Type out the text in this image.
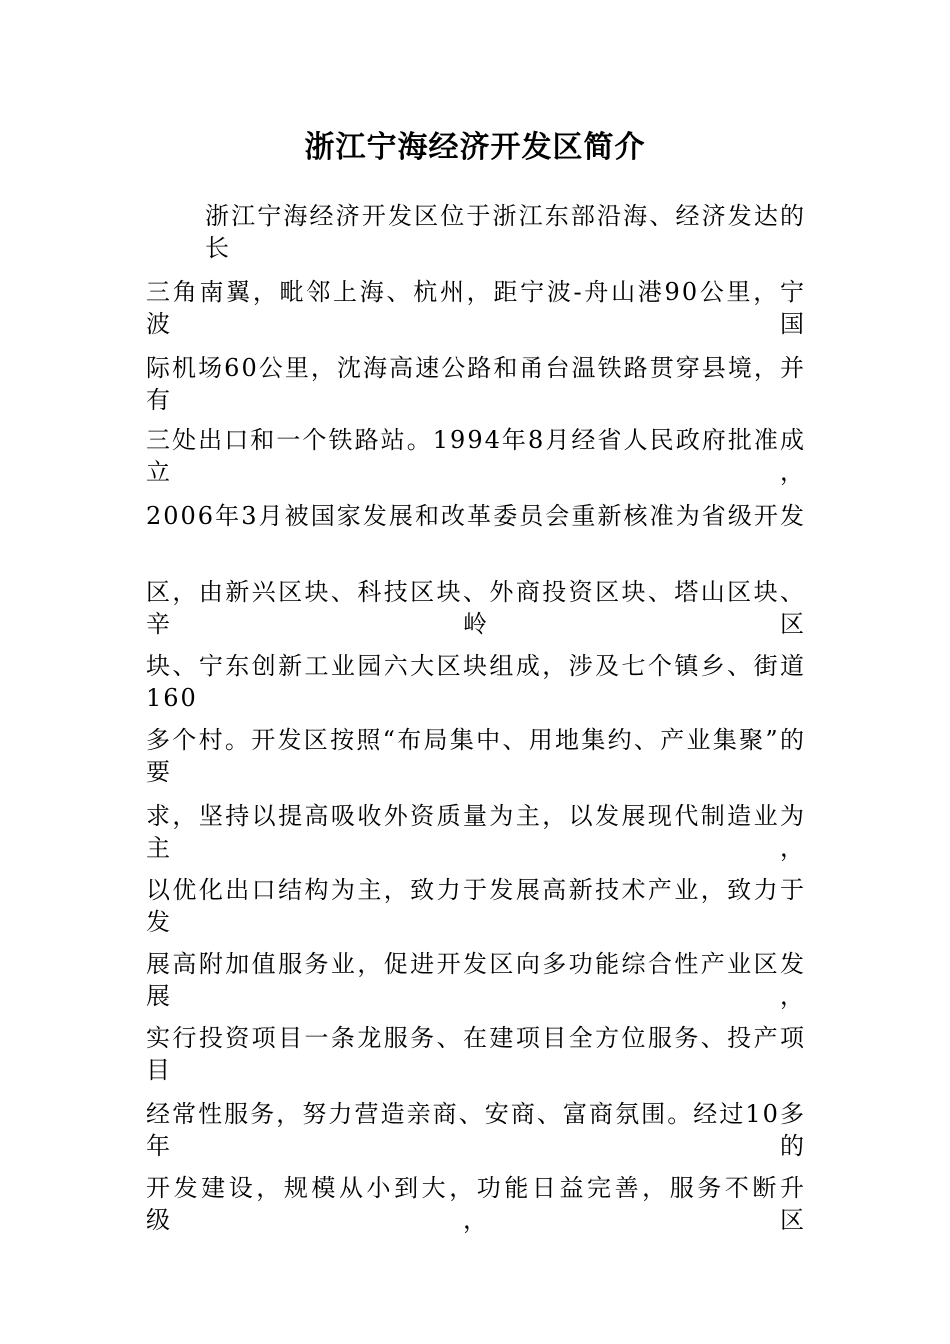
浙江宁海经济开发区简介

浙江宁海经济开发区位于浙江东部沿海、经济发达的长

三角南翼，毗邻上海、杭州，距宁波-舟山港90公里，宁波国

际机场60公里，沈海高速公路和甬台温铁路贯穿县境，并有

三处出口和一个铁路站。1994年8月经省人民政府批准成立，

2006年3月被国家发展和改革委员会重新核准为省级开发

区，由新兴区块、科技区块、外商投资区块、塔山区块、辛岭区

块、宁东创新工业园六大区块组成，涉及七个镇乡、街道160

多个村。开发区按照“布局集中、用地集约、产业集聚”的要

求，坚持以提高吸收外资质量为主，以发展现代制造业为主，

以优化出口结构为主，致力于发展高新技术产业，致力于发

展高附加值服务业，促进开发区向多功能综合性产业区发展，

实行投资项目一条龙服务、在建项目全方位服务、投产项目

经常性服务，努力营造亲商、安商、富商氛围。经过10多年的

开发建设，规模从小到大，功能日益完善，服务不断升级，区
